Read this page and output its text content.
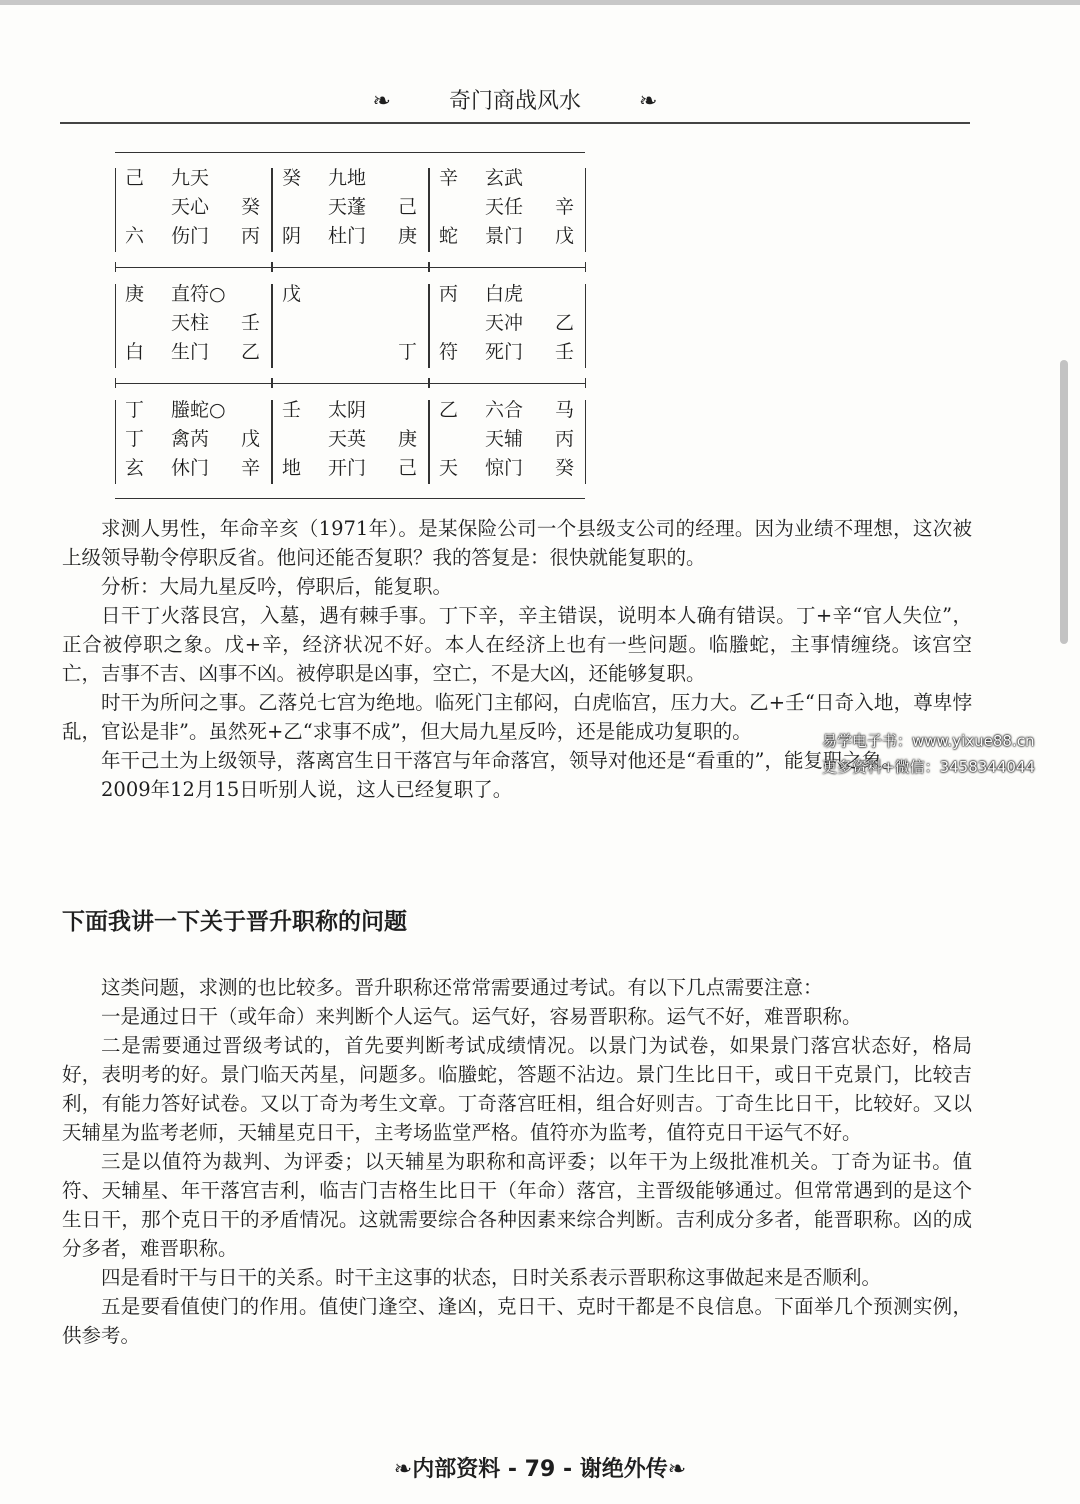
❧	奇门商战风水	❧
己 九天
天心 癸
六 伤门 丙
癸 九地
天蓬 己
阴 杜门 庚
辛 玄武
天任 辛
蛇 景门 戊
庚 直符○
天柱 壬
白 生门 乙
戊
丁
丙 白虎
天冲 乙
符 死门 壬
丁 螣蛇○
丁 禽芮 戊
玄 休门 辛
壬 太阴
天英 庚
地 开门 己
乙 六合 马
天辅 丙
天 惊门 癸

求测人男性，年命辛亥（1971年）。是某保险公司一个县级支公司的经理。因为业绩不理想，这次被上级领导勒令停职反省。他问还能否复职？我的答复是：很快就能复职的。

分析：大局九星反吟，停职后，能复职。

日干丁火落艮宫，入墓，遇有棘手事。丁下辛，辛主错误，说明本人确有错误。丁+辛“官人失位”，正合被停职之象。戊+辛，经济状况不好。本人在经济上也有一些问题。临螣蛇，主事情缠绕。该宫空亡，吉事不吉、凶事不凶。被停职是凶事，空亡，不是大凶，还能够复职。

时干为所问之事。乙落兑七宫为绝地。临死门主郁闷，白虎临宫，压力大。乙+壬“日奇入地，尊卑悖乱，官讼是非”。虽然死+乙“求事不成”，但大局九星反吟，还是能成功复职的。

年干己土为上级领导，落离宫生日干落宫与年命落宫，领导对他还是“看重的”，能复职之象。

2009年12月15日听别人说，这人已经复职了。

下面我讲一下关于晋升职称的问题

这类问题，求测的也比较多。晋升职称还常常需要通过考试。有以下几点需要注意：

一是通过日干（或年命）来判断个人运气。运气好，容易晋职称。运气不好，难晋职称。

二是需要通过晋级考试的，首先要判断考试成绩情况。以景门为试卷，如果景门落宫状态好，格局好，表明考的好。景门临天芮星，问题多。临螣蛇，答题不沾边。景门生比日干，或日干克景门，比较吉利，有能力答好试卷。又以丁奇为考生文章。丁奇落宫旺相，组合好则吉。丁奇生比日干，比较好。又以天辅星为监考老师，天辅星克日干，主考场监堂严格。值符亦为监考，值符克日干运气不好。

三是以值符为裁判、为评委；以天辅星为职称和高评委；以年干为上级批准机关。丁奇为证书。值符、天辅星、年干落宫吉利，临吉门吉格生比日干（年命）落宫，主晋级能够通过。但常常遇到的是这个生日干，那个克日干的矛盾情况。这就需要综合各种因素来综合判断。吉利成分多者，能晋职称。凶的成分多者，难晋职称。

四是看时干与日干的关系。时干主这事的状态，日时关系表示晋职称这事做起来是否顺利。

五是要看值使门的作用。值使门逢空、逢凶，克日干、克时干都是不良信息。下面举几个预测实例，供参考。

易学电子书：www.yixue88.cn
更多资料+微信：3458344044
❧内部资料 - 79 - 谢绝外传❧
